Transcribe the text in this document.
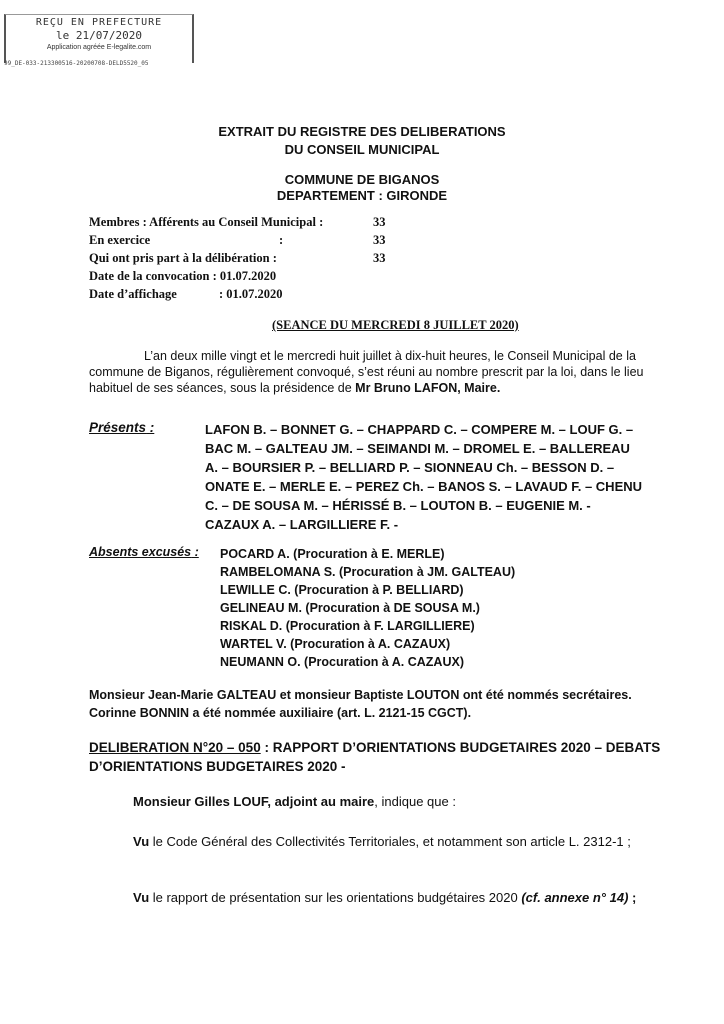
REÇU EN PREFECTURE
le 21/07/2020
Application agréée E-legalite.com
99_DE-033-213300516-20200708-DELD5520_05
EXTRAIT DU REGISTRE DES DELIBERATIONS
DU CONSEIL MUNICIPAL
COMMUNE DE BIGANOS
DEPARTEMENT : GIRONDE
Membres : Afférents au Conseil Municipal :	33
En exercice	:	33
Qui ont pris part à la délibération :	33
Date de la convocation : 01.07.2020
Date d’affichage	: 01.07.2020
(SEANCE DU MERCREDI 8 JUILLET 2020)
L’an deux mille vingt et le mercredi huit juillet à dix-huit heures, le Conseil Municipal de la commune de Biganos, régulièrement convoqué, s’est réuni au nombre prescrit par la loi, dans le lieu habituel de ses séances, sous la présidence de Mr Bruno LAFON, Maire.
Présents :	LAFON B. – BONNET G. – CHAPPARD C. – COMPERE M. – LOUF G. – BAC M. – GALTEAU JM. – SEIMANDI M. – DROMEL E. – BALLEREAU A. – BOURSIER P. – BELLIARD P. – SIONNEAU Ch. – BESSON D. – ONATE E. – MERLE E. – PEREZ Ch. – BANOS S. – LAVAUD F. – CHENU C. – DE SOUSA M. – HÉRISSÉ B. – LOUTON B. – EUGENIE M. - CAZAUX A. – LARGILLIERE F. -
Absents excusés : POCARD A. (Procuration à E. MERLE)
RAMBELOMANA S. (Procuration à JM. GALTEAU)
LEWILLE C. (Procuration à P. BELLIARD)
GELINEAU M. (Procuration à DE SOUSA M.)
RISKAL D. (Procuration à F. LARGILLIERE)
WARTEL V. (Procuration à A. CAZAUX)
NEUMANN O. (Procuration à A. CAZAUX)
Monsieur Jean-Marie GALTEAU et monsieur Baptiste LOUTON ont été nommés secrétaires.
Corinne BONNIN a été nommée auxiliaire (art. L. 2121-15 CGCT).
DELIBERATION N°20 – 050 : RAPPORT D’ORIENTATIONS BUDGETAIRES 2020 – DEBATS D’ORIENTATIONS BUDGETAIRES 2020 -
Monsieur Gilles LOUF, adjoint au maire, indique que :
Vu le Code Général des Collectivités Territoriales, et notamment son article L. 2312-1 ;
Vu le rapport de présentation sur les orientations budgétaires 2020 (cf. annexe n° 14) ;
